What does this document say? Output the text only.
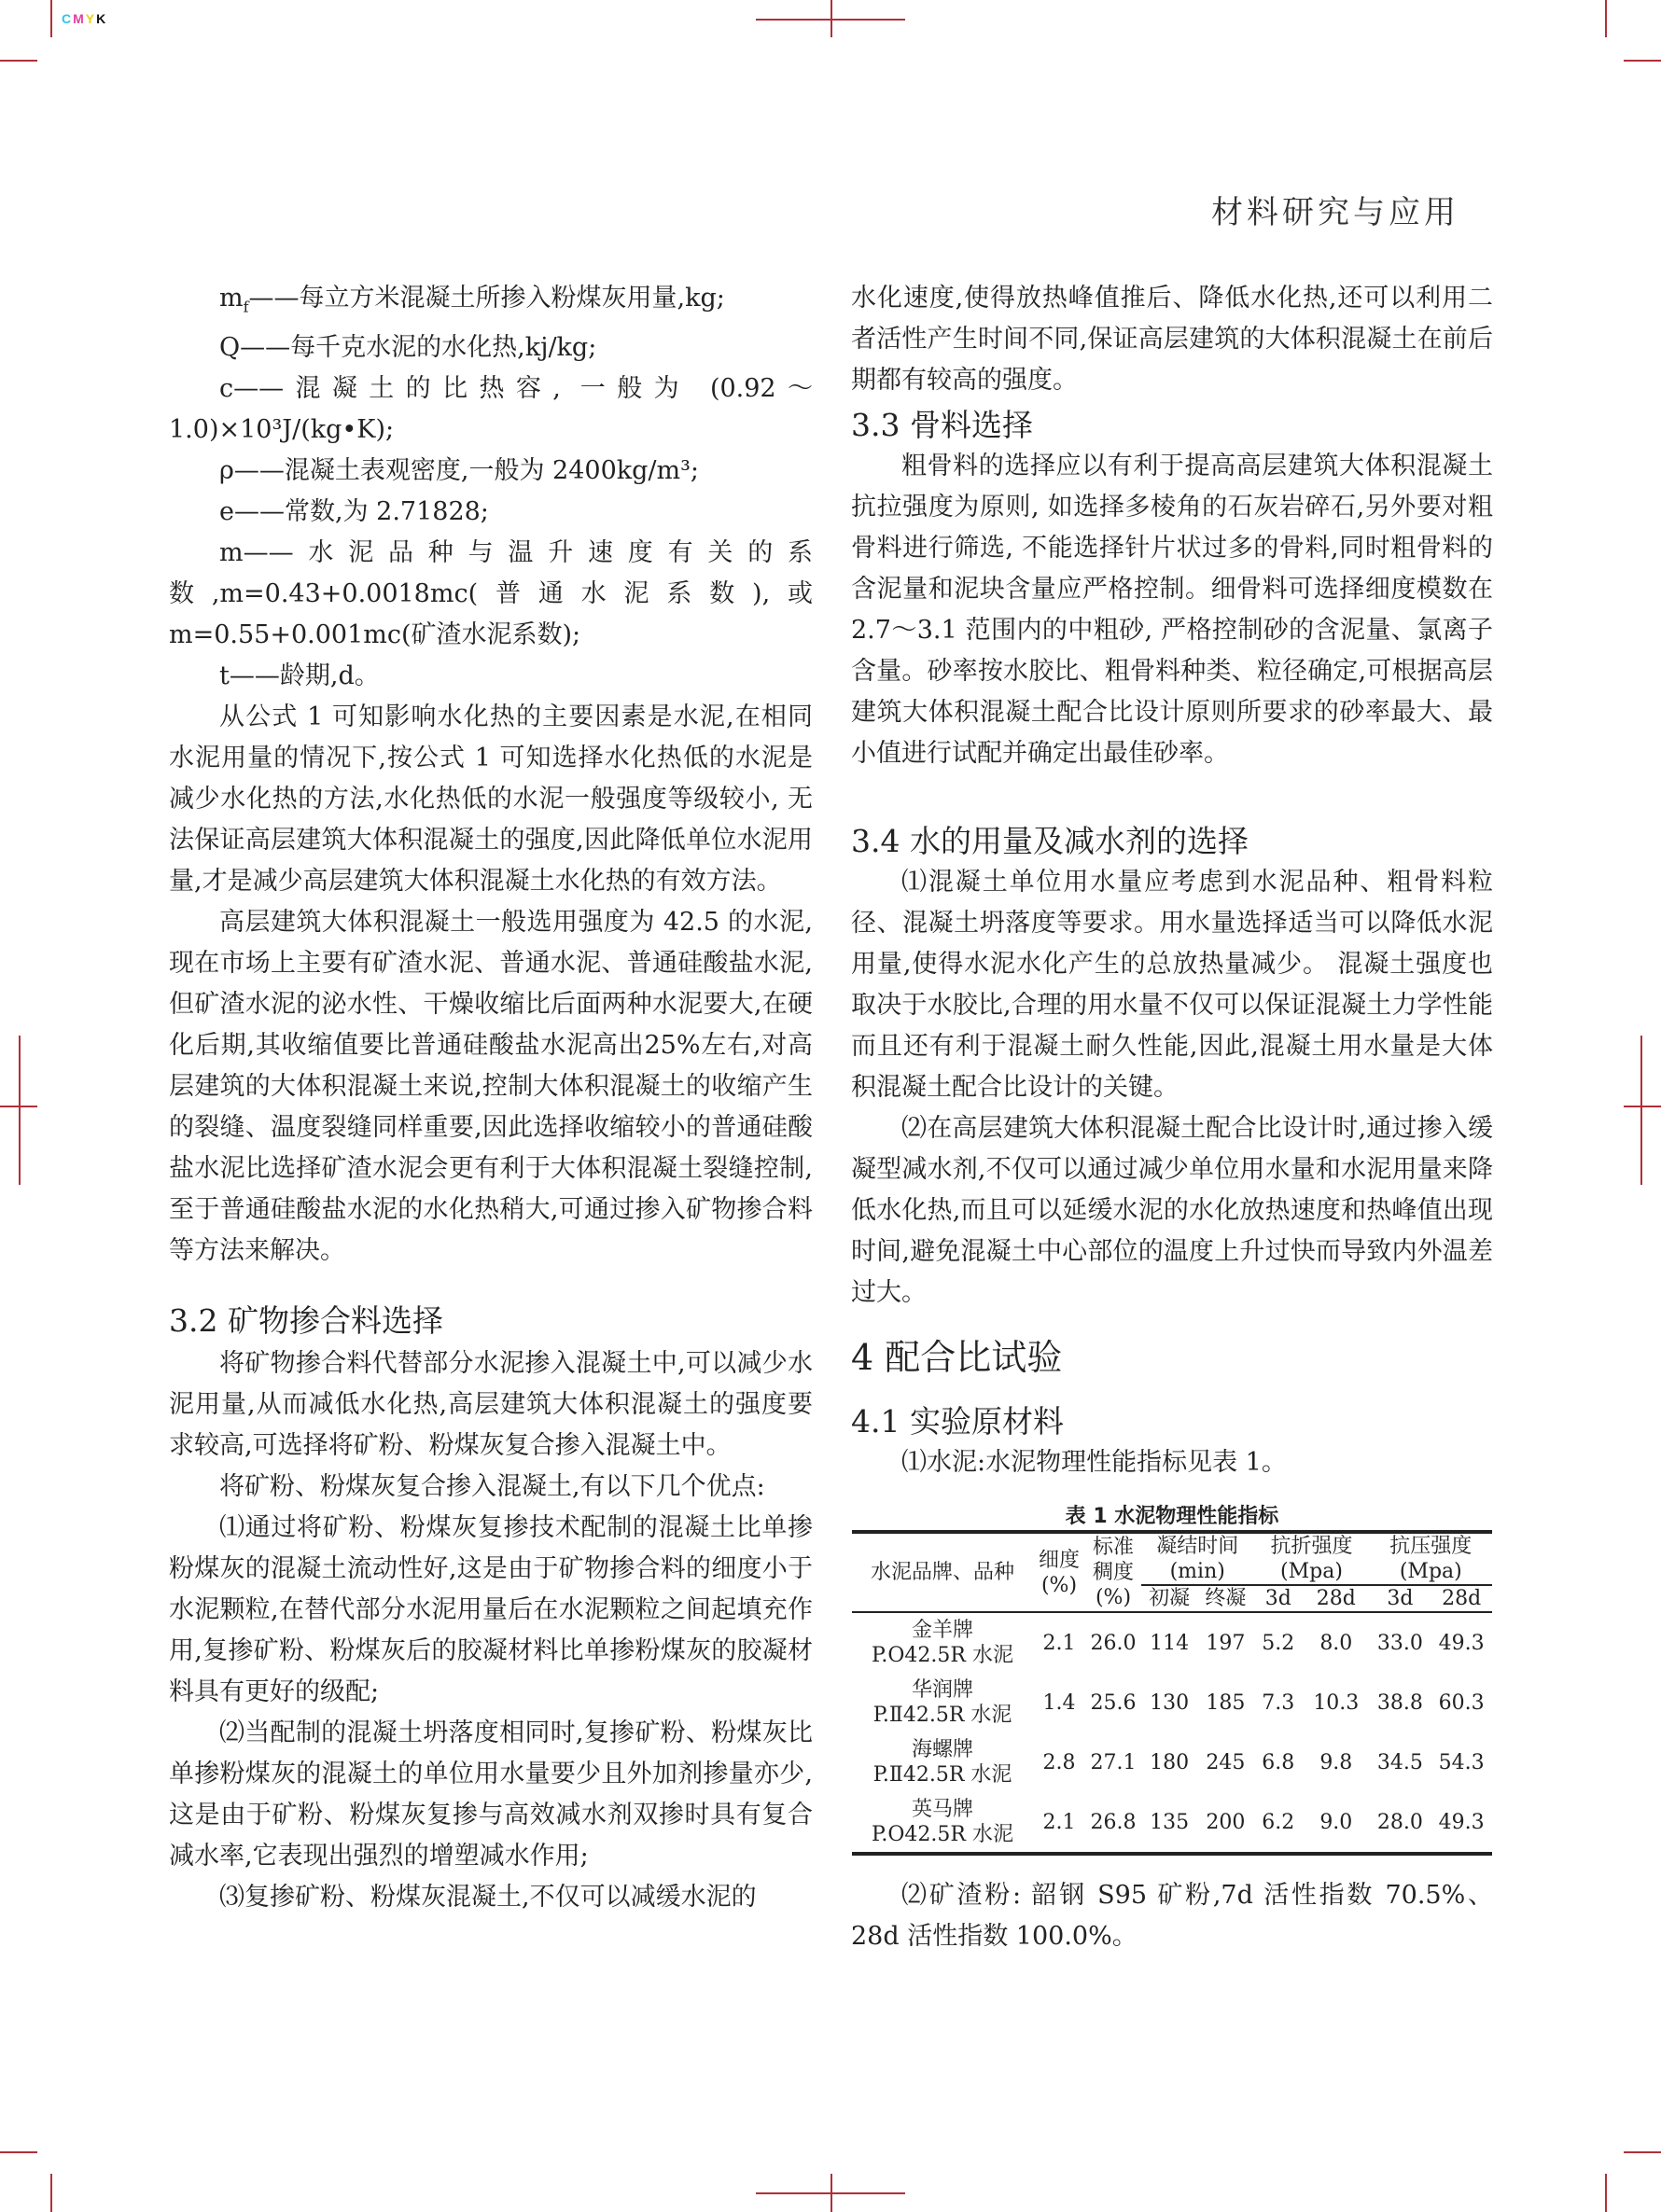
CMYK
材料研究与应用

$m_f——$每立方米混凝土所掺入粉煤灰用量,kg;

Q——每千克水泥的水化热,kj/kg;

c——混凝土的比热容, 一般为 (0.92～1.0)×10³J/(kg•K);

ρ——混凝土表观密度,一般为 2400kg/m³;

e——常数,为 2.71828;

m——水泥品种与温升速度有关的系数,m=0.43+0.0018mc(普通水泥系数),或 m=0.55+0.001mc(矿渣水泥系数);

t——龄期,d。

从公式 1 可知影响水化热的主要因素是水泥,在相同水泥用量的情况下,按公式 1 可知选择水化热低的水泥是减少水化热的方法,水化热低的水泥一般强度等级较小, 无法保证高层建筑大体积混凝土的强度,因此降低单位水泥用量,才是减少高层建筑大体积混凝土水化热的有效方法。

高层建筑大体积混凝土一般选用强度为 42.5 的水泥,现在市场上主要有矿渣水泥、普通水泥、普通硅酸盐水泥,但矿渣水泥的泌水性、干燥收缩比后面两种水泥要大,在硬化后期,其收缩值要比普通硅酸盐水泥高出25%左右,对高层建筑的大体积混凝土来说,控制大体积混凝土的收缩产生的裂缝、温度裂缝同样重要,因此选择收缩较小的普通硅酸盐水泥比选择矿渣水泥会更有利于大体积混凝土裂缝控制,至于普通硅酸盐水泥的水化热稍大,可通过掺入矿物掺合料等方法来解决。

3.2 矿物掺合料选择

将矿物掺合料代替部分水泥掺入混凝土中,可以减少水泥用量,从而减低水化热,高层建筑大体积混凝土的强度要求较高,可选择将矿粉、粉煤灰复合掺入混凝土中。

将矿粉、粉煤灰复合掺入混凝土,有以下几个优点:

⑴通过将矿粉、粉煤灰复掺技术配制的混凝土比单掺粉煤灰的混凝土流动性好,这是由于矿物掺合料的细度小于水泥颗粒,在替代部分水泥用量后在水泥颗粒之间起填充作用,复掺矿粉、粉煤灰后的胶凝材料比单掺粉煤灰的胶凝材料具有更好的级配;

⑵当配制的混凝土坍落度相同时,复掺矿粉、粉煤灰比单掺粉煤灰的混凝土的单位用水量要少且外加剂掺量亦少,这是由于矿粉、粉煤灰复掺与高效减水剂双掺时具有复合减水率,它表现出强烈的增塑减水作用;

⑶复掺矿粉、粉煤灰混凝土,不仅可以减缓水泥的

水化速度,使得放热峰值推后、降低水化热,还可以利用二者活性产生时间不同,保证高层建筑的大体积混凝土在前后期都有较高的强度。

3.3 骨料选择

粗骨料的选择应以有利于提高高层建筑大体积混凝土抗拉强度为原则, 如选择多棱角的石灰岩碎石,另外要对粗骨料进行筛选, 不能选择针片状过多的骨料,同时粗骨料的含泥量和泥块含量应严格控制。细骨料可选择细度模数在 2.7～3.1 范围内的中粗砂, 严格控制砂的含泥量、氯离子含量。砂率按水胶比、粗骨料种类、粒径确定,可根据高层建筑大体积混凝土配合比设计原则所要求的砂率最大、最小值进行试配并确定出最佳砂率。

3.4 水的用量及减水剂的选择

⑴混凝土单位用水量应考虑到水泥品种、粗骨料粒径、混凝土坍落度等要求。用水量选择适当可以降低水泥用量,使得水泥水化产生的总放热量减少。 混凝土强度也取决于水胶比,合理的用水量不仅可以保证混凝土力学性能而且还有利于混凝土耐久性能,因此,混凝土用水量是大体积混凝土配合比设计的关键。

⑵在高层建筑大体积混凝土配合比设计时,通过掺入缓凝型减水剂,不仅可以通过减少单位用水量和水泥用量来降低水化热,而且可以延缓水泥的水化放热速度和热峰值出现时间,避免混凝土中心部位的温度上升过快而导致内外温差过大。

4 配合比试验
4.1 实验原材料

⑴水泥:水泥物理性能指标见表 1。

表 1 水泥物理性能指标
水泥品牌、品种	细度(%)	标准稠度(%)	凝结时间(min)		抗折强度(Mpa)		抗压强度(Mpa)	
			初凝	终凝	3d	28d	3d	28d

金羊牌
P.O42.5R 水泥	2.1	26.0	114	197	5.2	8.0	33.0	49.3

华润牌
P.Ⅱ42.5R 水泥	1.4	25.6	130	185	7.3	10.3	38.8	60.3

海螺牌
P.Ⅱ42.5R 水泥	2.8	27.1	180	245	6.8	9.8	34.5	54.3

英马牌
P.O42.5R 水泥	2.1	26.8	135	200	6.2	9.0	28.0	49.3

⑵矿渣粉: 韶钢 S95 矿粉,7d 活性指数 70.5%、28d 活性指数 100.0%。
